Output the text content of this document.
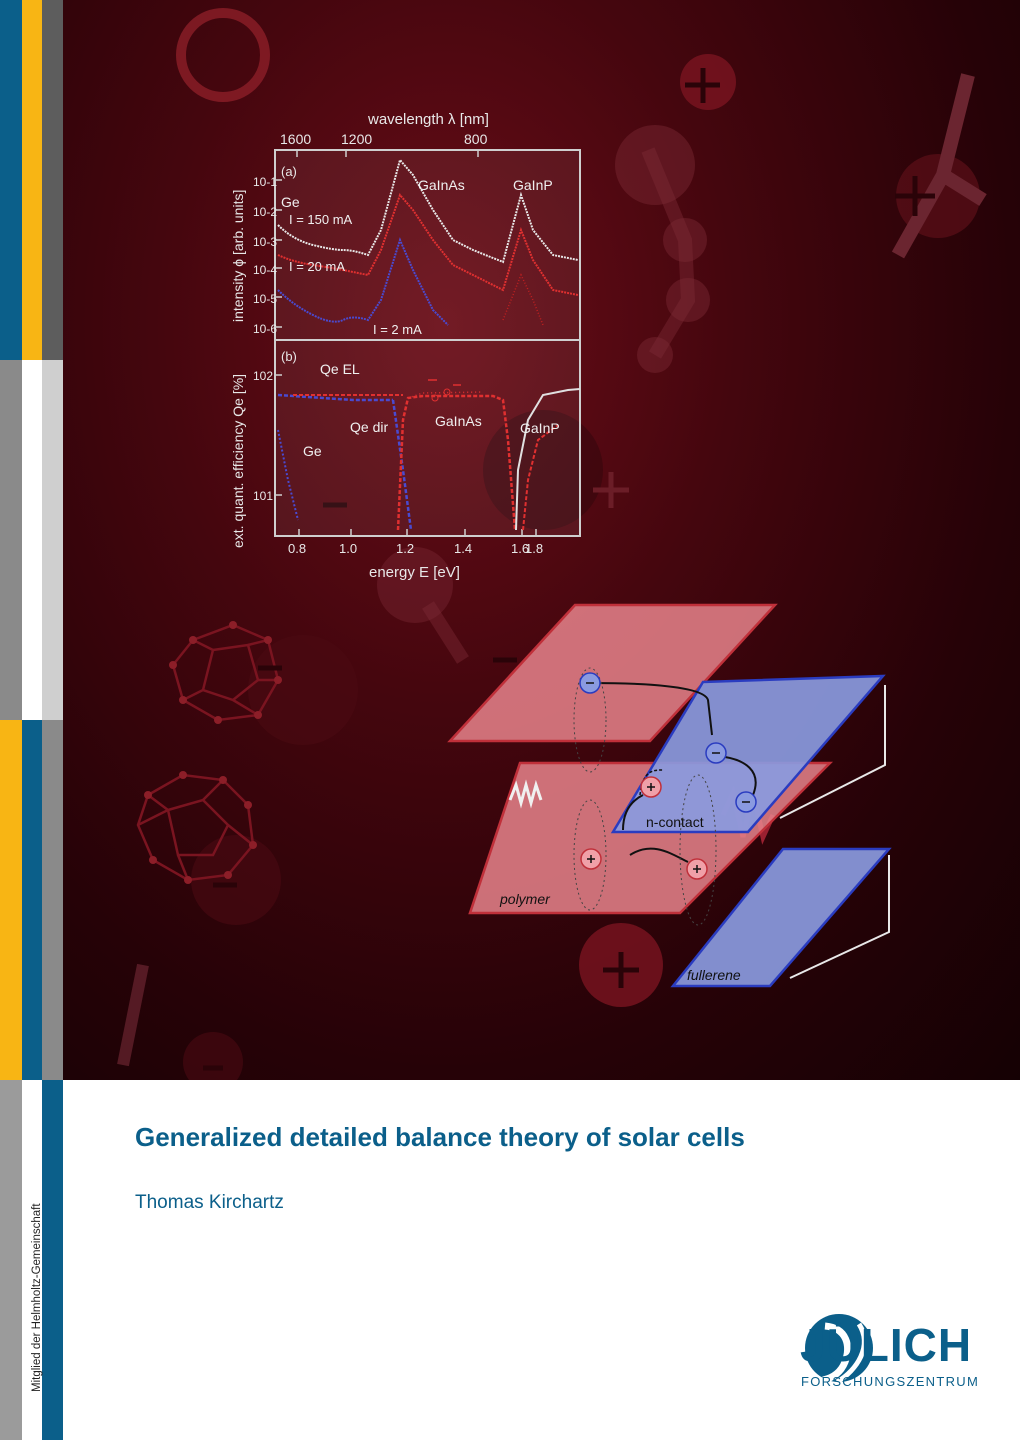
wavelength λ [nm]
1600 1200	800
(a)
intensity ϕ [arb. units]
10-1
10-2
10-3
10-4
10-5
10-6
Ge
GaInAs	GaInP
I = 150 mA
I = 20 mA
I = 2 mA
(b)
ext. quant. efficiency Qe [%] 102
101
Qe EL
Qe dir	GaInAs	GaInP
Ge
0.8	1.0	1.2	1.4	1.6
1.8
energy E [eV]
n-contact
polymer
fullerene
Generalized detailed balance theory of solar cells
Thomas Kirchartz
Mitglied der Helmholtz-Gemeinschaft	JÜLICH
FORSCHUNGSZENTRUM
